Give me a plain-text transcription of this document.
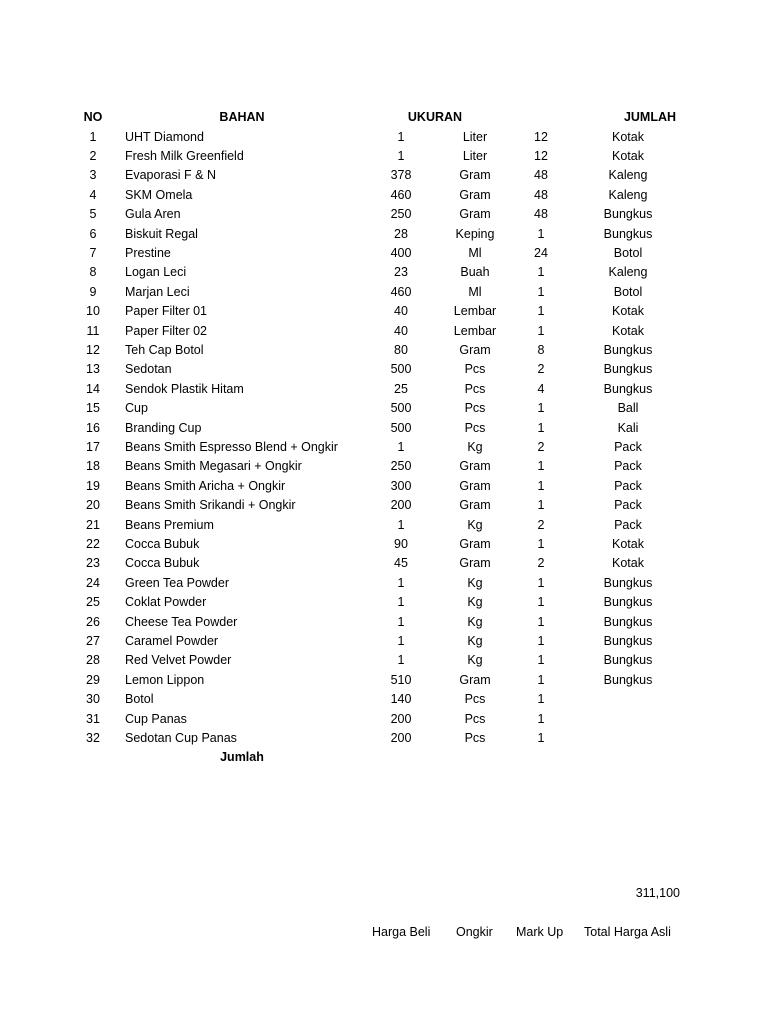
NO	BAHAN	UKURAN	JUMLAH
1	UHT Diamond	1	Liter	12	Kotak
2	Fresh Milk Greenfield	1	Liter	12	Kotak
3	Evaporasi F & N	378	Gram	48	Kaleng
4	SKM Omela	460	Gram	48	Kaleng
5	Gula Aren	250	Gram	48	Bungkus
6	Biskuit Regal	28	Keping	1	Bungkus
7	Prestine	400	Ml	24	Botol
8	Logan Leci	23	Buah	1	Kaleng
9	Marjan Leci	460	Ml	1	Botol
10	Paper Filter 01	40	Lembar	1	Kotak
11	Paper Filter 02	40	Lembar	1	Kotak
12	Teh Cap Botol	80	Gram	8	Bungkus
13	Sedotan	500	Pcs	2	Bungkus
14	Sendok Plastik Hitam	25	Pcs	4	Bungkus
15	Cup	500	Pcs	1	Ball
16	Branding Cup	500	Pcs	1	Kali
17	Beans Smith Espresso Blend + Ongkir	1	Kg	2	Pack
18	Beans Smith Megasari + Ongkir	250	Gram	1	Pack
19	Beans Smith Aricha + Ongkir	300	Gram	1	Pack
20	Beans Smith Srikandi + Ongkir	200	Gram	1	Pack
21	Beans Premium	1	Kg	2	Pack
22	Cocca Bubuk	90	Gram	1	Kotak
23	Cocca Bubuk	45	Gram	2	Kotak
24	Green Tea Powder	1	Kg	1	Bungkus
25	Coklat Powder	1	Kg	1	Bungkus
26	Cheese Tea Powder	1	Kg	1	Bungkus
27	Caramel Powder	1	Kg	1	Bungkus
28	Red Velvet Powder	1	Kg	1	Bungkus
29	Lemon Lippon	510	Gram	1	Bungkus
30	Botol	140	Pcs	1
31	Cup Panas	200	Pcs	1
32	Sedotan Cup Panas	200	Pcs	1
Jumlah
311,100
Harga Beli Ongkir Mark Up Total Harga Asli
